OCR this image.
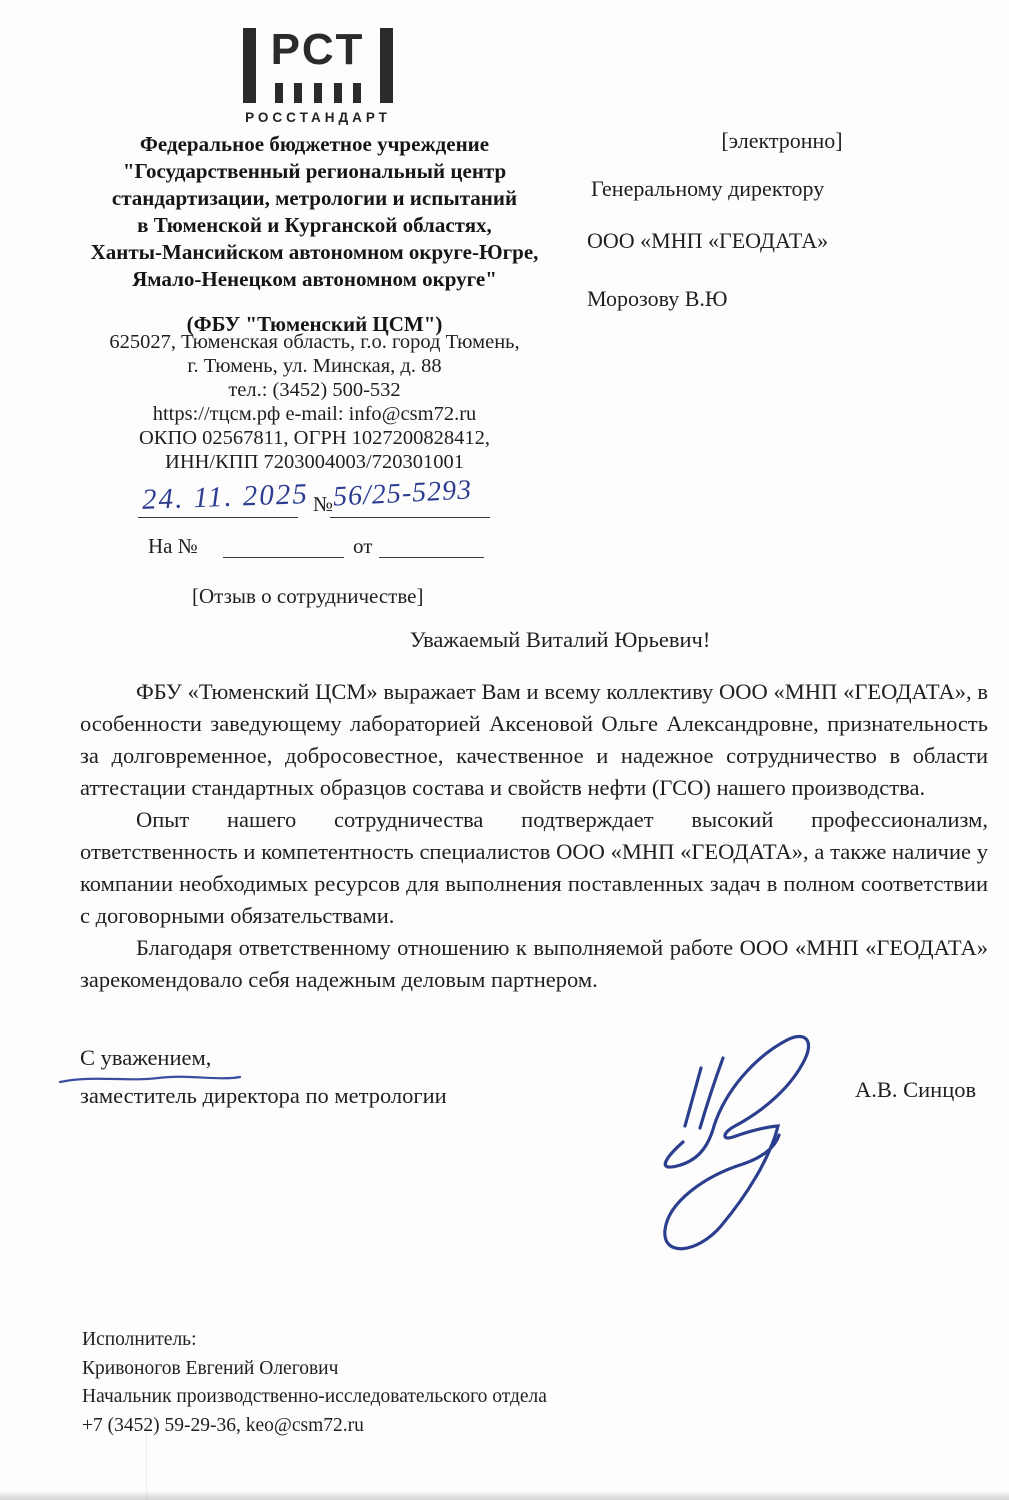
РСТ
РОССТАНДАРТ
Федеральное бюджетное учреждение
"Государственный региональный центр
стандартизации, метрологии и испытаний
в Тюменской и Курганской областях,
Ханты-Мансийском автономном округе-Югре,
Ямало-Ненецком автономном округе"
(ФБУ "Тюменский ЦСМ")
625027, Тюменская область, г.о. город Тюмень,
г. Тюмень, ул. Минская, д. 88
тел.: (3452) 500-532
https://тцсм.рф e-mail: info@csm72.ru
ОКПО 02567811, ОГРН 1027200828412,
ИНН/КПП 7203004003/720301001
[электронно]
Генеральному директору
ООО «МНП «ГЕОДАТА»
Морозову В.Ю
24. 11. 2025 № 56/25-5293
На №	от
[Отзыв о сотрудничестве]
Уважаемый Виталий Юрьевич!

ФБУ «Тюменский ЦСМ» выражает Вам и всему коллективу ООО «МНП «ГЕОДАТА», в особенности заведующему лабораторией Аксеновой Ольге Александровне, признательность за долговременное, добросовестное, качественное и надежное сотрудничество в области аттестации стандартных образцов состава и свойств нефти (ГСО) нашего производства.

Опыт нашего сотрудничества подтверждает высокий профессионализм, ответственность и компетентность специалистов ООО «МНП «ГЕОДАТА», а также наличие у компании необходимых ресурсов для выполнения поставленных задач в полном соответствии с договорными обязательствами.

Благодаря ответственному отношению к выполняемой работе ООО «МНП «ГЕОДАТА» зарекомендовало себя надежным деловым партнером.

С уважением,
заместитель директора по метрологии	А.В. Синцов
Исполнитель:
Кривоногов Евгений Олегович
Начальник производственно-исследовательского отдела
+7 (3452) 59-29-36, keo@csm72.ru
